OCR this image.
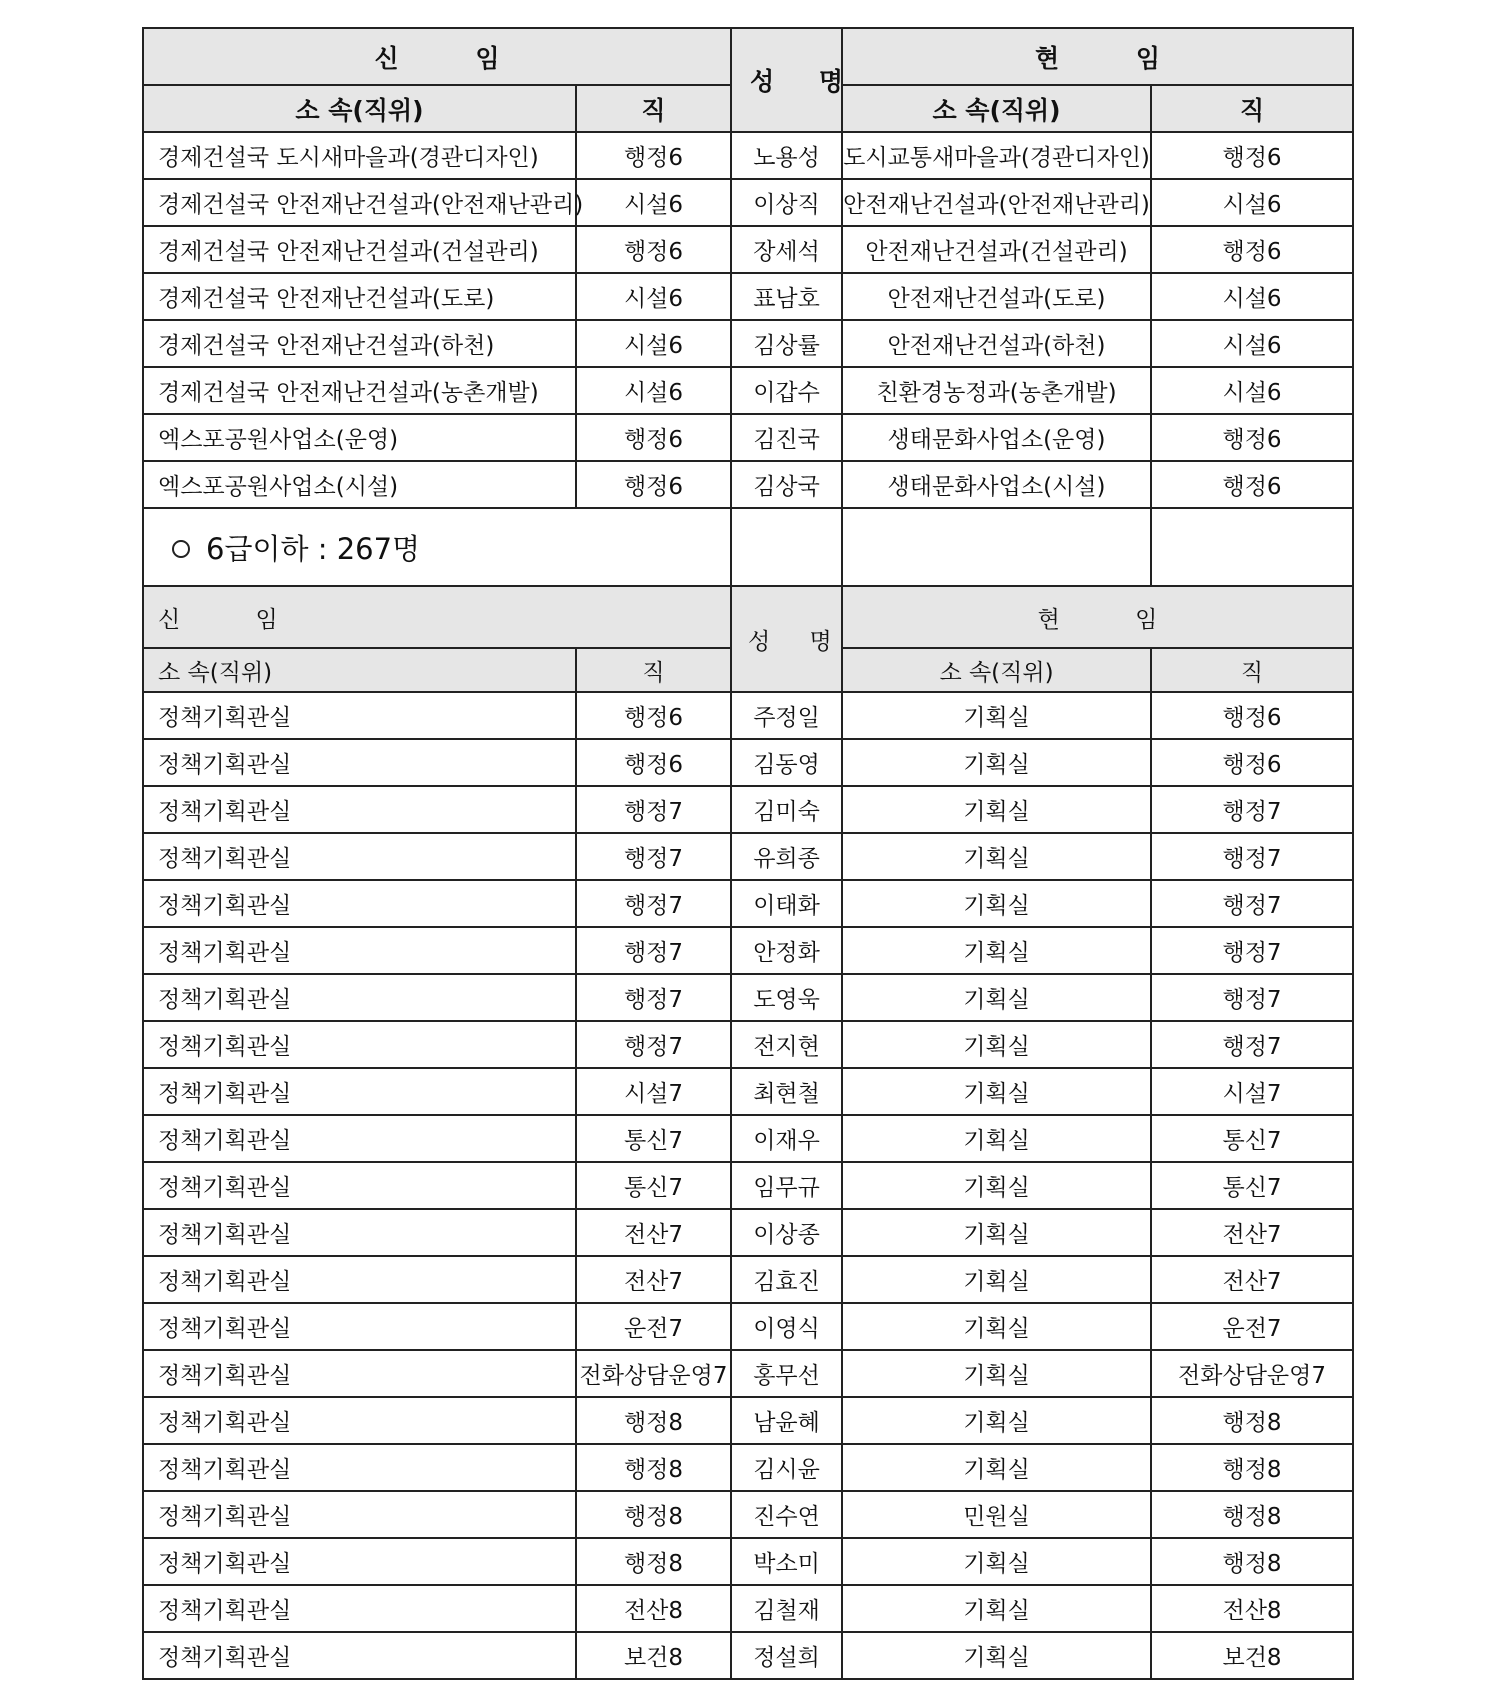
신 임		성 명	현 임	
소 속(직위)	직		소 속(직위)	직
경제건설국 도시새마을과(경관디자인)	행정6	노용성	도시교통새마을과(경관디자인)	행정6
경제건설국 안전재난건설과(안전재난관리)	시설6	이상직	안전재난건설과(안전재난관리)	시설6
경제건설국 안전재난건설과(건설관리)	행정6	장세석	안전재난건설과(건설관리)	행정6
경제건설국 안전재난건설과(도로)	시설6	표남호	안전재난건설과(도로)	시설6
경제건설국 안전재난건설과(하천)	시설6	김상률	안전재난건설과(하천)	시설6
경제건설국 안전재난건설과(농촌개발)	시설6	이갑수	친환경농정과(농촌개발)	시설6
엑스포공원사업소(운영)	행정6	김진국	생태문화사업소(운영)	행정6
엑스포공원사업소(시설)	행정6	김상국	생태문화사업소(시설)	행정6
6급이하 : 267명				
신 임		성 명	현 임	
소 속(직위)	직		소 속(직위)	직
정책기획관실	행정6	주정일	기획실	행정6
정책기획관실	행정6	김동영	기획실	행정6
정책기획관실	행정7	김미숙	기획실	행정7
정책기획관실	행정7	유희종	기획실	행정7
정책기획관실	행정7	이태화	기획실	행정7
정책기획관실	행정7	안정화	기획실	행정7
정책기획관실	행정7	도영욱	기획실	행정7
정책기획관실	행정7	전지현	기획실	행정7
정책기획관실	시설7	최현철	기획실	시설7
정책기획관실	통신7	이재우	기획실	통신7
정책기획관실	통신7	임무규	기획실	통신7
정책기획관실	전산7	이상종	기획실	전산7
정책기획관실	전산7	김효진	기획실	전산7
정책기획관실	운전7	이영식	기획실	운전7
정책기획관실	전화상담운영7	홍무선	기획실	전화상담운영7
정책기획관실	행정8	남윤혜	기획실	행정8
정책기획관실	행정8	김시윤	기획실	행정8
정책기획관실	행정8	진수연	민원실	행정8
정책기획관실	행정8	박소미	기획실	행정8
정책기획관실	전산8	김철재	기획실	전산8
정책기획관실	보건8	정설희	기획실	보건8
